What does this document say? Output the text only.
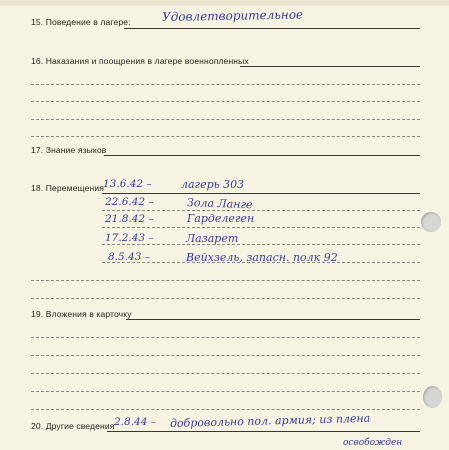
15. Поведение в лагере:	Удовлетворительное
16. Наказания и поощрения в лагере военнопленных
17. Знание языков
18. Перемещения 13.6.42 –	лагерь 303
22.6.42 –	Зола Ланге
21.8.42 –	Гарделеген
17.2.43 –	Лазарет
8.5.43 –	Вейхзель, запасн. полк 92
19. Вложения в карточку
20. Другие сведения 2.8.44 – добровольно пол. армия; из плена
освобожден
